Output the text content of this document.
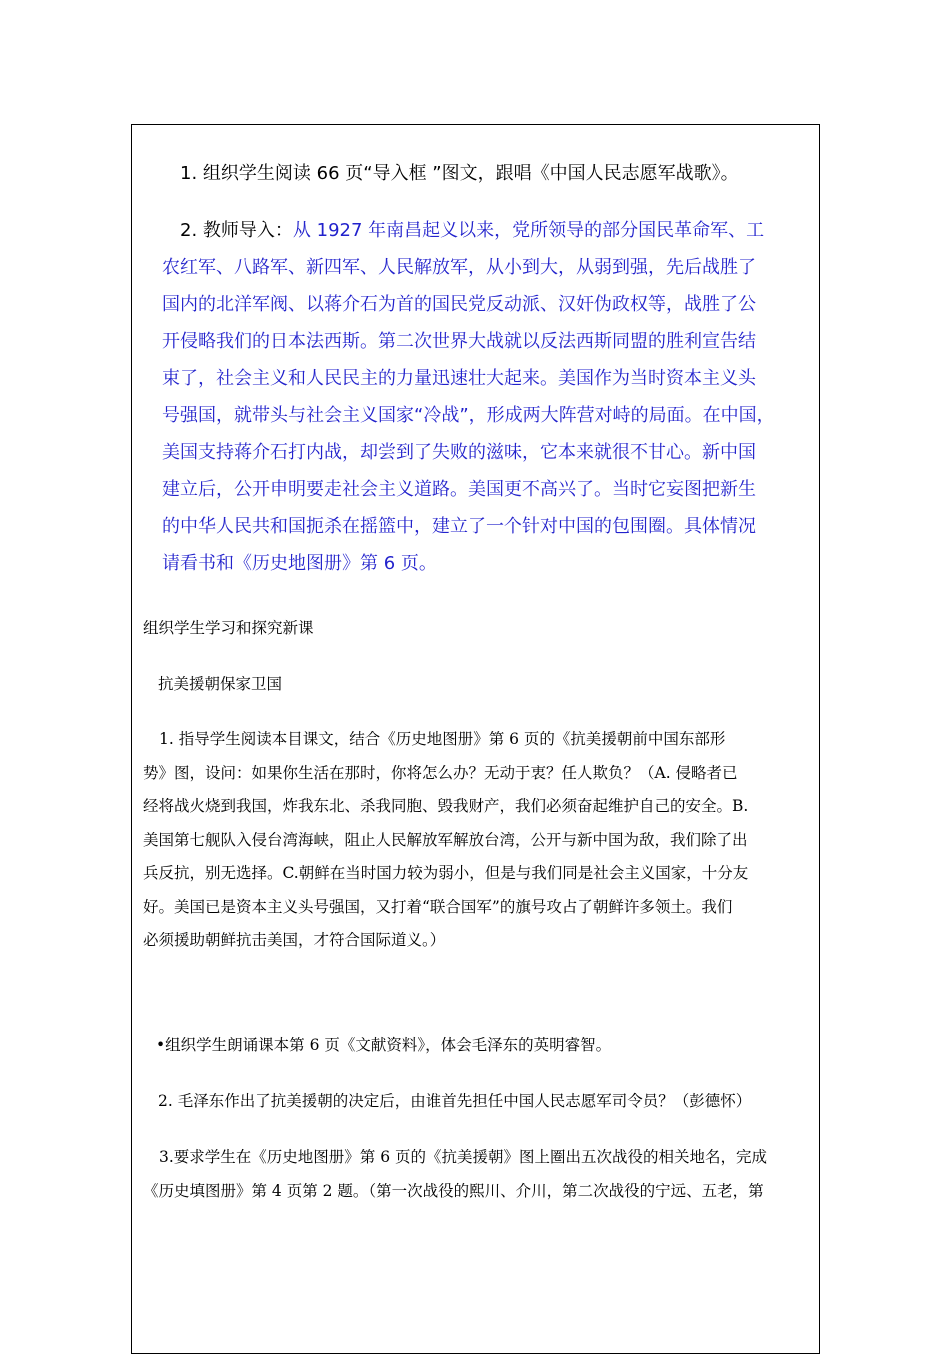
1. 组织学生阅读 66 页“导入框 ”图文，跟唱《中国人民志愿军战歌》。

2. 教师导入：从 1927 年南昌起义以来，党所领导的部分国民革命军、工
农红军、八路军、新四军、人民解放军，从小到大，从弱到强，先后战胜了
国内的北洋军阀、以蒋介石为首的国民党反动派、汉奸伪政权等，战胜了公
开侵略我们的日本法西斯。第二次世界大战就以反法西斯同盟的胜利宣告结
束了，社会主义和人民民主的力量迅速壮大起来。美国作为当时资本主义头
号强国，就带头与社会主义国家“冷战”，形成两大阵营对峙的局面。在中国，
美国支持蒋介石打内战，却尝到了失败的滋味，它本来就很不甘心。新中国
建立后，公开申明要走社会主义道路。美国更不高兴了。当时它妄图把新生
的中华人民共和国扼杀在摇篮中，建立了一个针对中国的包围圈。具体情况
请看书和《历史地图册》第 6 页。

组织学生学习和探究新课

抗美援朝保家卫国

1. 指导学生阅读本目课文，结合《历史地图册》第 6 页的《抗美援朝前中国东部形
势》图，设问：如果你生活在那时，你将怎么办？无动于衷？任人欺负？（A. 侵略者已
经将战火烧到我国，炸我东北、杀我同胞、毁我财产，我们必须奋起维护自己的安全。B.
美国第七舰队入侵台湾海峡，阻止人民解放军解放台湾，公开与新中国为敌，我们除了出
兵反抗，别无选择。C.朝鲜在当时国力较为弱小，但是与我们同是社会主义国家，十分友
好。美国已是资本主义头号强国，又打着“联合国军”的旗号攻占了朝鲜许多领土。我们
必须援助朝鲜抗击美国，才符合国际道义。）

•组织学生朗诵课本第 6 页《文献资料》，体会毛泽东的英明睿智。

2. 毛泽东作出了抗美援朝的决定后，由谁首先担任中国人民志愿军司令员？（彭德怀）

3.要求学生在《历史地图册》第 6 页的《抗美援朝》图上圈出五次战役的相关地名，完成
《历史填图册》第 4 页第 2 题。（第一次战役的熙川、介川，第二次战役的宁远、五老，第
